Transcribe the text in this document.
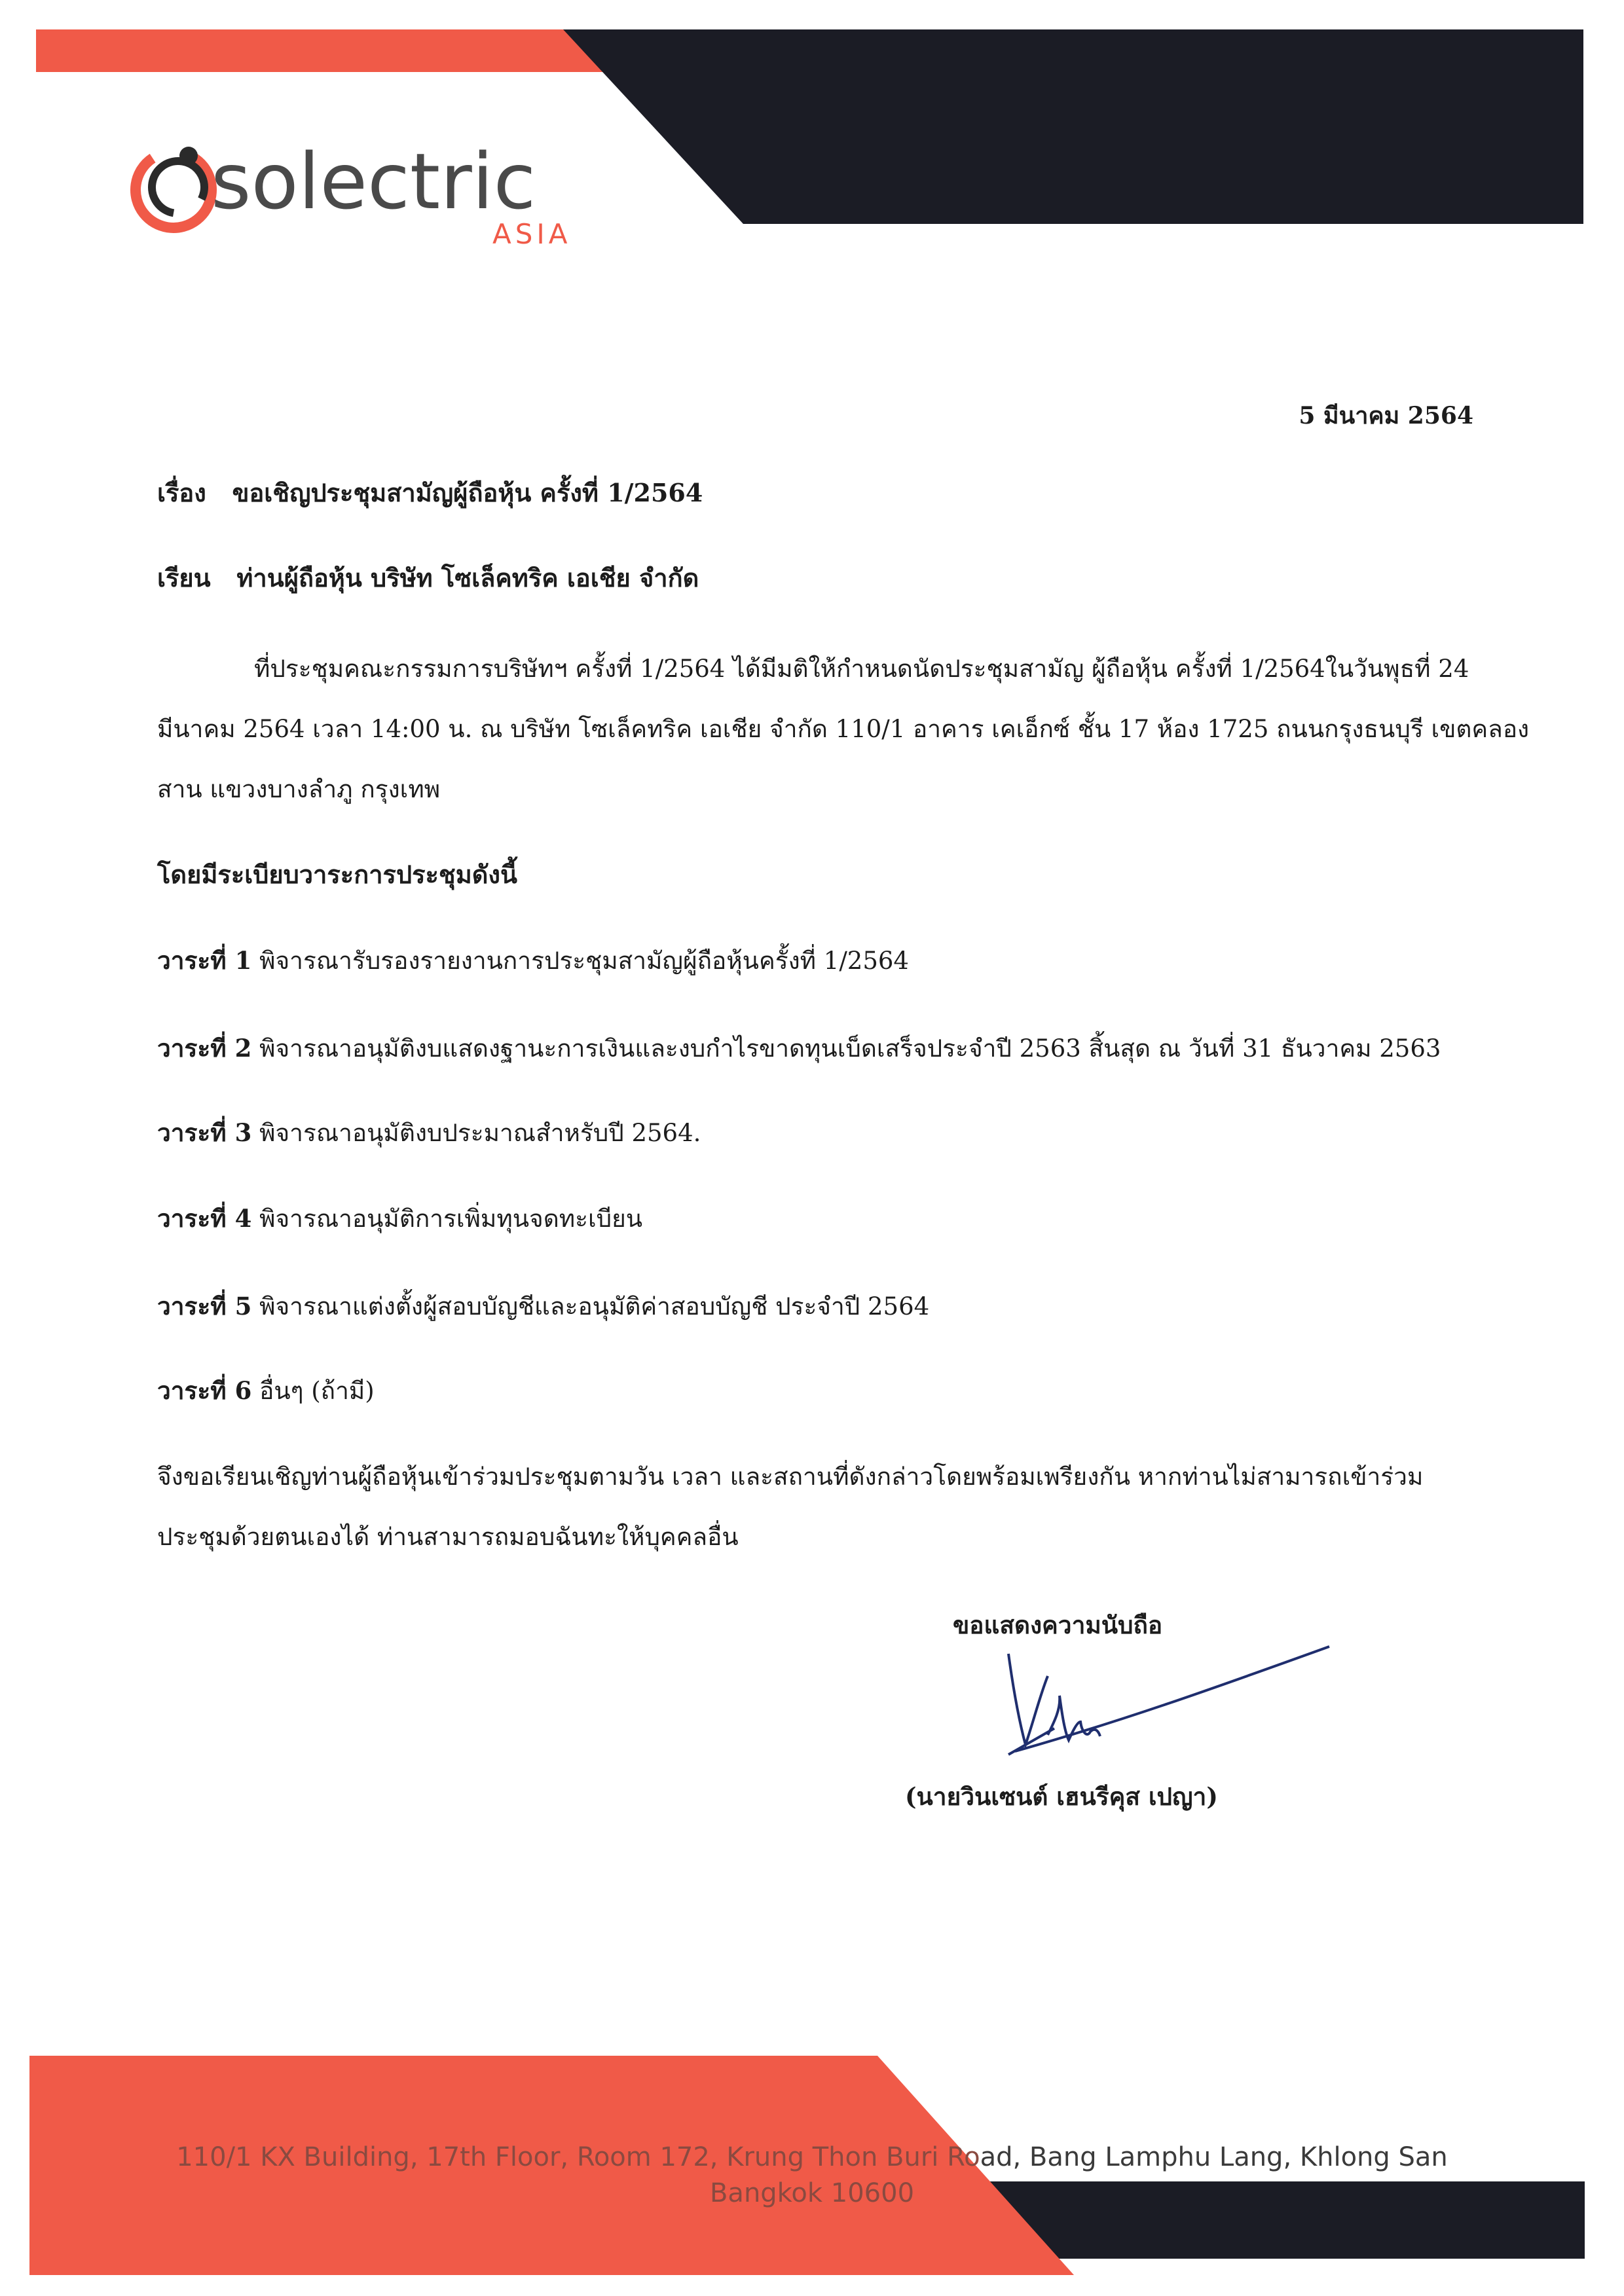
solectric
ASIA
5 มีนาคม 2564
เรื่อง ขอเชิญประชุมสามัญผู้ถือหุ้น ครั้งที่ 1/2564
เรียน ท่านผู้ถือหุ้น บริษัท โซเล็คทริค เอเชีย จำกัด
ที่ประชุมคณะกรรมการบริษัทฯ ครั้งที่ 1/2564 ได้มีมติให้กำหนดนัดประชุมสามัญ ผู้ถือหุ้น ครั้งที่ 1/2564ในวันพุธที่ 24
มีนาคม 2564 เวลา 14:00 น. ณ บริษัท โซเล็คทริค เอเชีย จำกัด 110/1 อาคาร เคเอ็กซ์ ชั้น 17 ห้อง 1725 ถนนกรุงธนบุรี เขตคลอง
สาน แขวงบางลำภู กรุงเทพ
โดยมีระเบียบวาระการประชุมดังนี้
วาระที่ 1 พิจารณารับรองรายงานการประชุมสามัญผู้ถือหุ้นครั้งที่ 1/2564
วาระที่ 2 พิจารณาอนุมัติงบแสดงฐานะการเงินและงบกำไรขาดทุนเบ็ดเสร็จประจำปี 2563 สิ้นสุด ณ วันที่ 31 ธันวาคม 2563
วาระที่ 3 พิจารณาอนุมัติงบประมาณสำหรับปี 2564.
วาระที่ 4 พิจารณาอนุมัติการเพิ่มทุนจดทะเบียน
วาระที่ 5 พิจารณาแต่งตั้งผู้สอบบัญชีและอนุมัติค่าสอบบัญชี ประจำปี 2564
วาระที่ 6 อื่นๆ (ถ้ามี)
จึงขอเรียนเชิญท่านผู้ถือหุ้นเข้าร่วมประชุมตามวัน เวลา และสถานที่ดังกล่าวโดยพร้อมเพรียงกัน หากท่านไม่สามารถเข้าร่วม
ประชุมด้วยตนเองได้ ท่านสามารถมอบฉันทะให้บุคคลอื่น
ขอแสดงความนับถือ
(นายวินเซนต์ เฮนรีคุส เปญา)
110/1 KX Building, 17th Floor, Room 172, Krung Thon Buri Road, Bang Lamphu Lang, Khlong San
Bangkok 10600
